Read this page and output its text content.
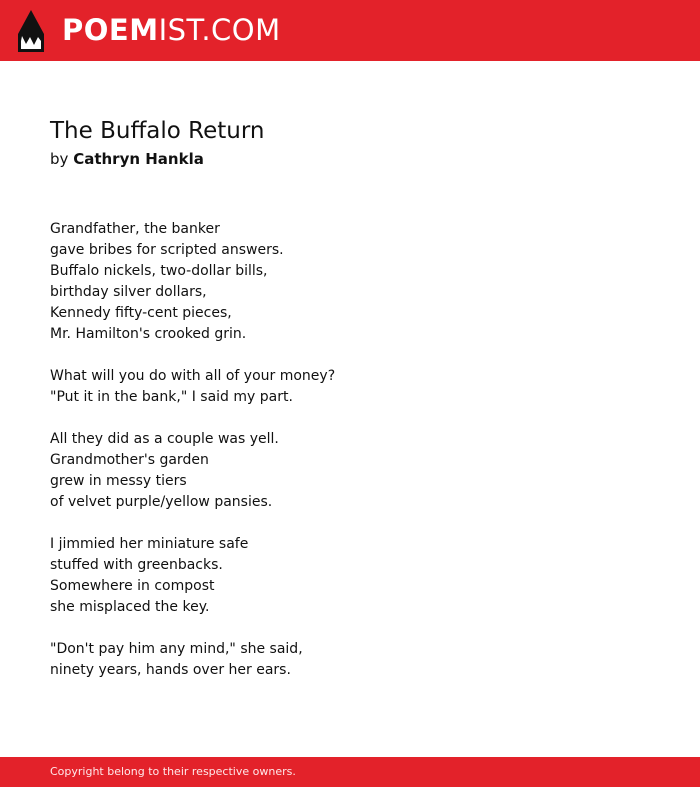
POEMIST.COM
The Buffalo Return
by Cathryn Hankla
Grandfather, the banker
gave bribes for scripted answers.
Buffalo nickels, two-dollar bills,
birthday silver dollars,
Kennedy fifty-cent pieces,
Mr. Hamilton's crooked grin.
What will you do with all of your money?
"Put it in the bank," I said my part.
All they did as a couple was yell.
Grandmother's garden
grew in messy tiers
of velvet purple/yellow pansies.
I jimmied her miniature safe
stuffed with greenbacks.
Somewhere in compost
she misplaced the key.
"Don't pay him any mind," she said,
ninety years, hands over her ears.
Copyright belong to their respective owners.
